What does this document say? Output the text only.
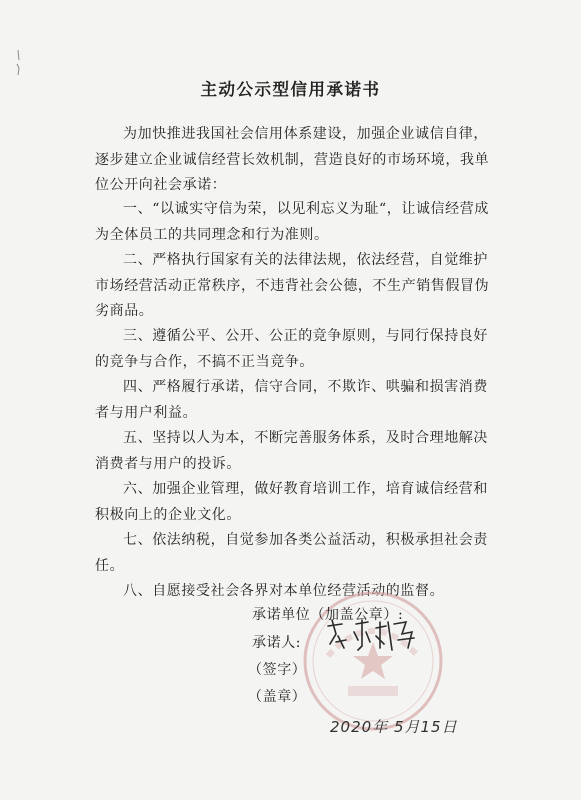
主动公示型信用承诺书
为加快推进我国社会信用体系建设，加强企业诚信自律，逐步建立企业诚信经营长效机制，营造良好的市场环境，我单位公开向社会承诺：
一、“以诚实守信为荣，以见利忘义为耻“，让诚信经营成为全体员工的共同理念和行为准则。
二、严格执行国家有关的法律法规，依法经营，自觉维护市场经营活动正常秩序，不违背社会公德，不生产销售假冒伪劣商品。
三、遵循公平、公开、公正的竞争原则，与同行保持良好的竞争与合作，不搞不正当竞争。
四、严格履行承诺，信守合同，不欺诈、哄骗和损害消费者与用户利益。
五、坚持以人为本，不断完善服务体系，及时合理地解决消费者与用户的投诉。
六、加强企业管理，做好教育培训工作，培育诚信经营和积极向上的企业文化。
七、依法纳税，自觉参加各类公益活动，积极承担社会责任。
八、自愿接受社会各界对本单位经营活动的监督。
承诺单位（加盖公章）:
承诺人:
（签字）
（盖章）
2020年 5月15日
